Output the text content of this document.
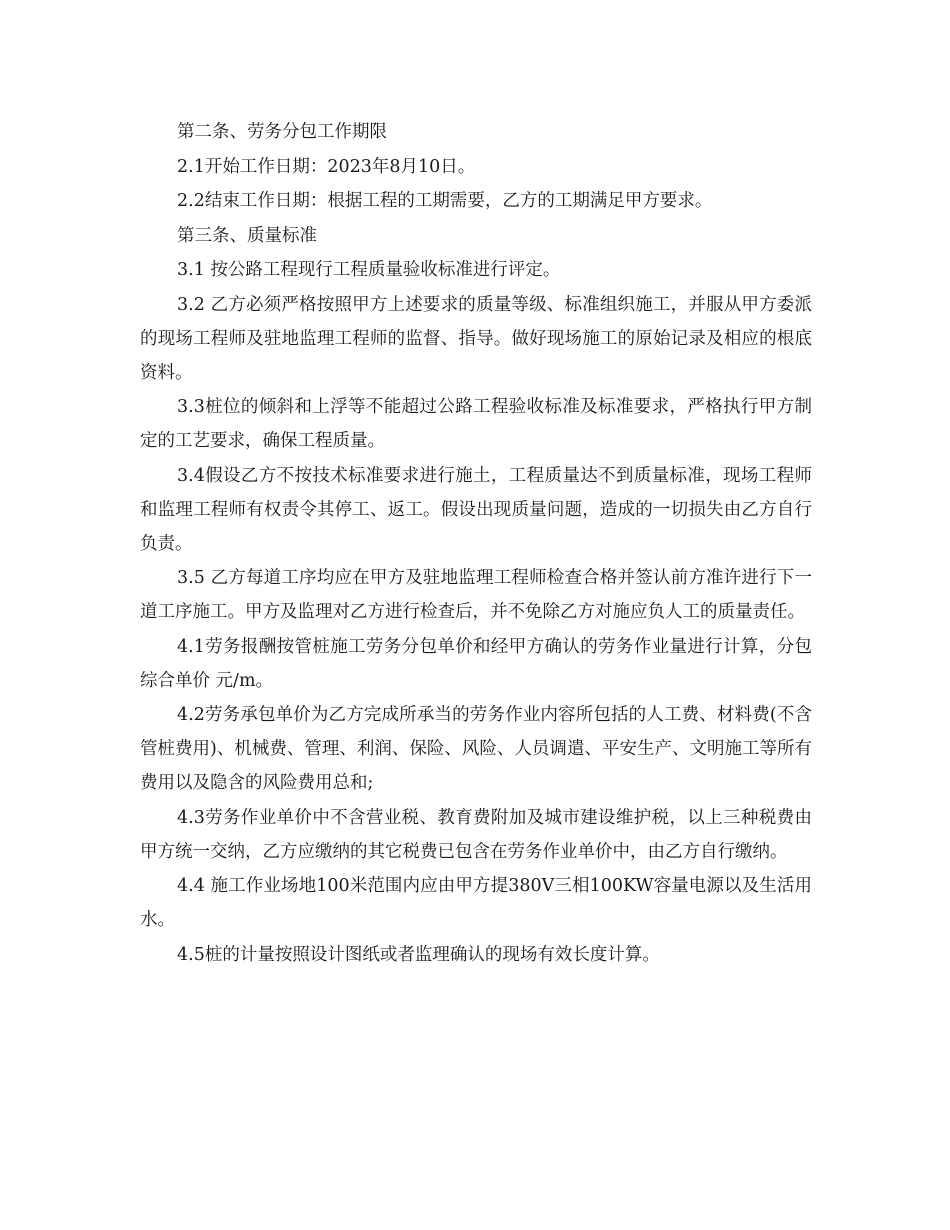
第二条、劳务分包工作期限

2.1开始工作日期：2023年8月10日。

2.2结束工作日期：根据工程的工期需要，乙方的工期满足甲方要求。

第三条、质量标准

3.1 按公路工程现行工程质量验收标准进行评定。

3.2 乙方必须严格按照甲方上述要求的质量等级、标准组织施工，并服从甲方委派的现场工程师及驻地监理工程师的监督、指导。做好现场施工的原始记录及相应的根底资料。

3.3桩位的倾斜和上浮等不能超过公路工程验收标准及标准要求，严格执行甲方制定的工艺要求，确保工程质量。

3.4假设乙方不按技术标准要求进行施土，工程质量达不到质量标准，现场工程师和监理工程师有权责令其停工、返工。假设出现质量问题，造成的一切损失由乙方自行负责。

3.5 乙方每道工序均应在甲方及驻地监理工程师检查合格并签认前方准许进行下一道工序施工。甲方及监理对乙方进行检查后，并不免除乙方对施应负人工的质量责任。

4.1劳务报酬按管桩施工劳务分包单价和经甲方确认的劳务作业量进行计算，分包综合单价 元/m。

4.2劳务承包单价为乙方完成所承当的劳务作业内容所包括的人工费、材料费(不含管桩费用)、机械费、管理、利润、保险、风险、人员调遣、平安生产、文明施工等所有费用以及隐含的风险费用总和;

4.3劳务作业单价中不含营业税、教育费附加及城市建设维护税，以上三种税费由甲方统一交纳，乙方应缴纳的其它税费已包含在劳务作业单价中，由乙方自行缴纳。

4.4 施工作业场地100米范围内应由甲方提380V三相100KW容量电源以及生活用水。

4.5桩的计量按照设计图纸或者监理确认的现场有效长度计算。
